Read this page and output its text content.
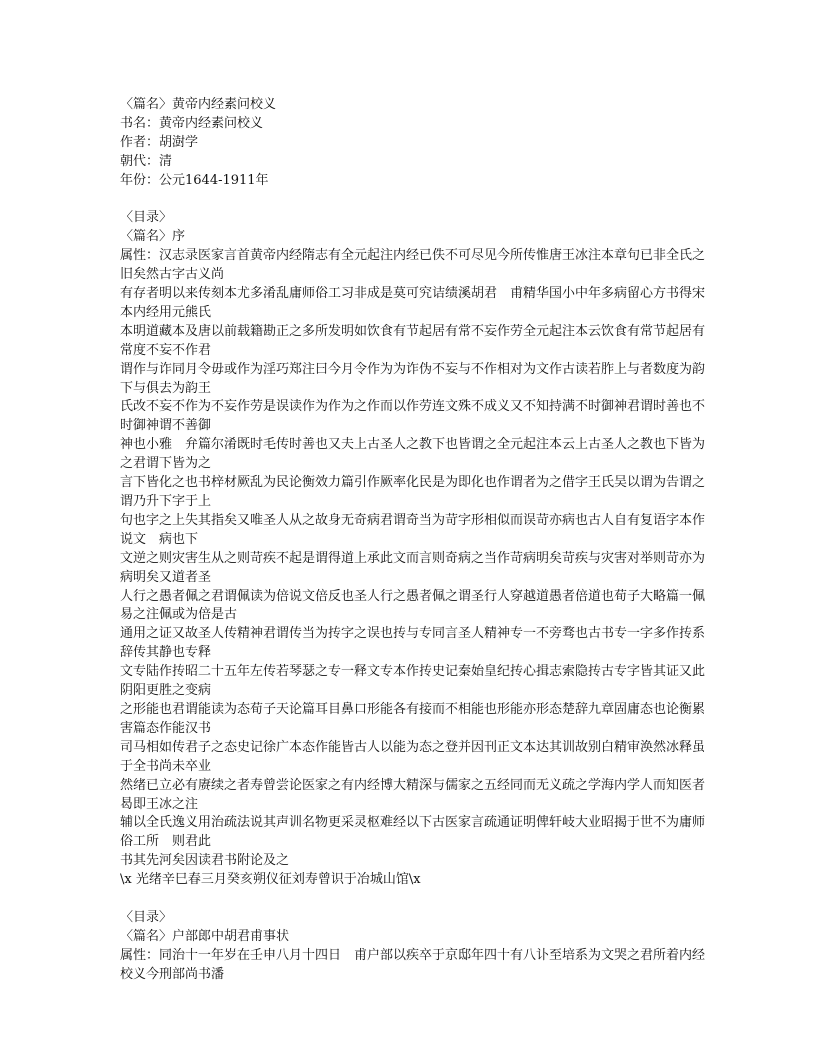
〈篇名〉黄帝内经素问校义

书名：黄帝内经素问校义

作者：胡澍学

朝代：清

年份：公元1644-1911年

〈目录〉

〈篇名〉序

属性：汉志录医家言首黄帝内经隋志有全元起注内经已佚不可尽见今所传惟唐王冰注本章句已非全氏之旧矣然古字古义尚

有存者明以来传刻本尤多淆乱庸师俗工习非成是莫可究诘绩溪胡君　甫精华国小中年多病留心方书得宋本内经用元熊氏

本明道藏本及唐以前载籍勘正之多所发明如饮食有节起居有常不妄作劳全元起注本云饮食有常节起居有常度不妄不作君

谓作与诈同月令毋或作为淫巧郑注曰今月令作为为诈伪不妄与不作相对为文作古读若胙上与者数度为韵下与俱去为韵王

氏改不妄不作为不妄作劳是误读作为作为之作而以作劳连文殊不成义又不知持满不时御神君谓时善也不时御神谓不善御

神也小雅　弁篇尔淆既时毛传时善也又夫上古圣人之教下也皆谓之全元起注本云上古圣人之教也下皆为之君谓下皆为之

言下皆化之也书梓材厥乱为民论衡效力篇引作厥率化民是为即化也作谓者为之借字王氏吴以谓为告谓之谓乃升下字于上

句也字之上失其指矣又唯圣人从之故身无奇病君谓奇当为苛字形相似而误苛亦病也古人自有复语字本作　说文　病也下

文逆之则灾害生从之则苛疾不起是谓得道上承此文而言则奇病之当作苛病明矣苛疾与灾害对举则苛亦为病明矣又道者圣

人行之愚者佩之君谓佩读为倍说文倍反也圣人行之愚者佩之谓圣行人穿越道愚者倍道也荀子大略篇一佩易之注佩或为倍是古

通用之证又故圣人传精神君谓传当为抟字之误也抟与专同言圣人精神专一不旁骛也古书专一字多作抟系辞传其静也专释

文专陆作抟昭二十五年左传若琴瑟之专一释文专本作抟史记秦始皇纪抟心揖志索隐抟古专字皆其证又此阴阳更胜之变病

之形能也君谓能读为态荀子天论篇耳目鼻口形能各有接而不相能也形能亦形态楚辞九章固庸态也论衡累害篇态作能汉书

司马相如传君子之态史记徐广本态作能皆古人以能为态之登并因刊正文本达其训故别白精审涣然冰释虽于全书尚未卒业

然绪已立必有赓续之者寿曾尝论医家之有内经博大精深与儒家之五经同而无义疏之学海内学人而知医者曷即王冰之注

辅以全氏逸义用治疏法说其声训名物更采灵枢难经以下古医家言疏通证明俾轩岐大业昭揭于世不为庸师俗工所　则君此

书其先河矣因读君书附论及之

\x 光绪辛巳春三月癸亥朔仪征刘寿曾识于冶城山馆\x

〈目录〉

〈篇名〉户部郎中胡君甫事状

属性：同治十一年岁在壬申八月十四日　甫户部以疾卒于京邸年四十有八讣至培系为文哭之君所着内经校义今刑部尚书潘
